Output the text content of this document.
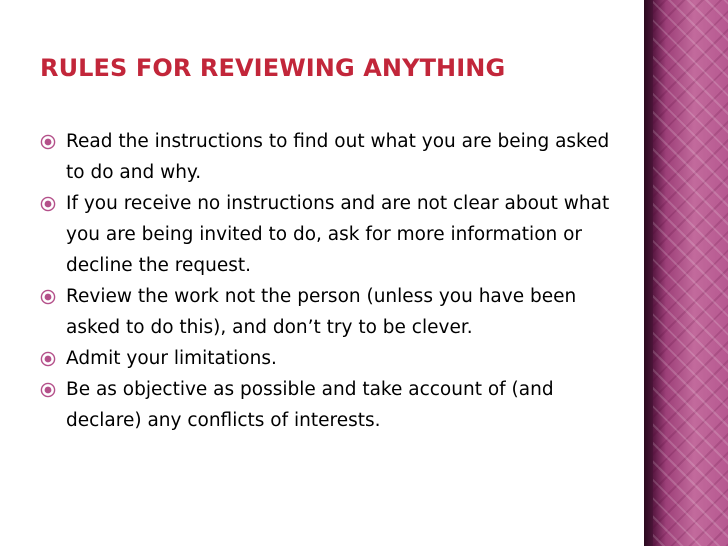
RULES FOR REVIEWING ANYTHING
Read the instructions to find out what you are being asked to do and why.
If you receive no instructions and are not clear about what you are being invited to do, ask for more information or decline the request.
Review the work not the person (unless you have been asked to do this), and don’t try to be clever.
Admit your limitations.
Be as objective as possible and take account of (and declare) any conflicts of interests.
